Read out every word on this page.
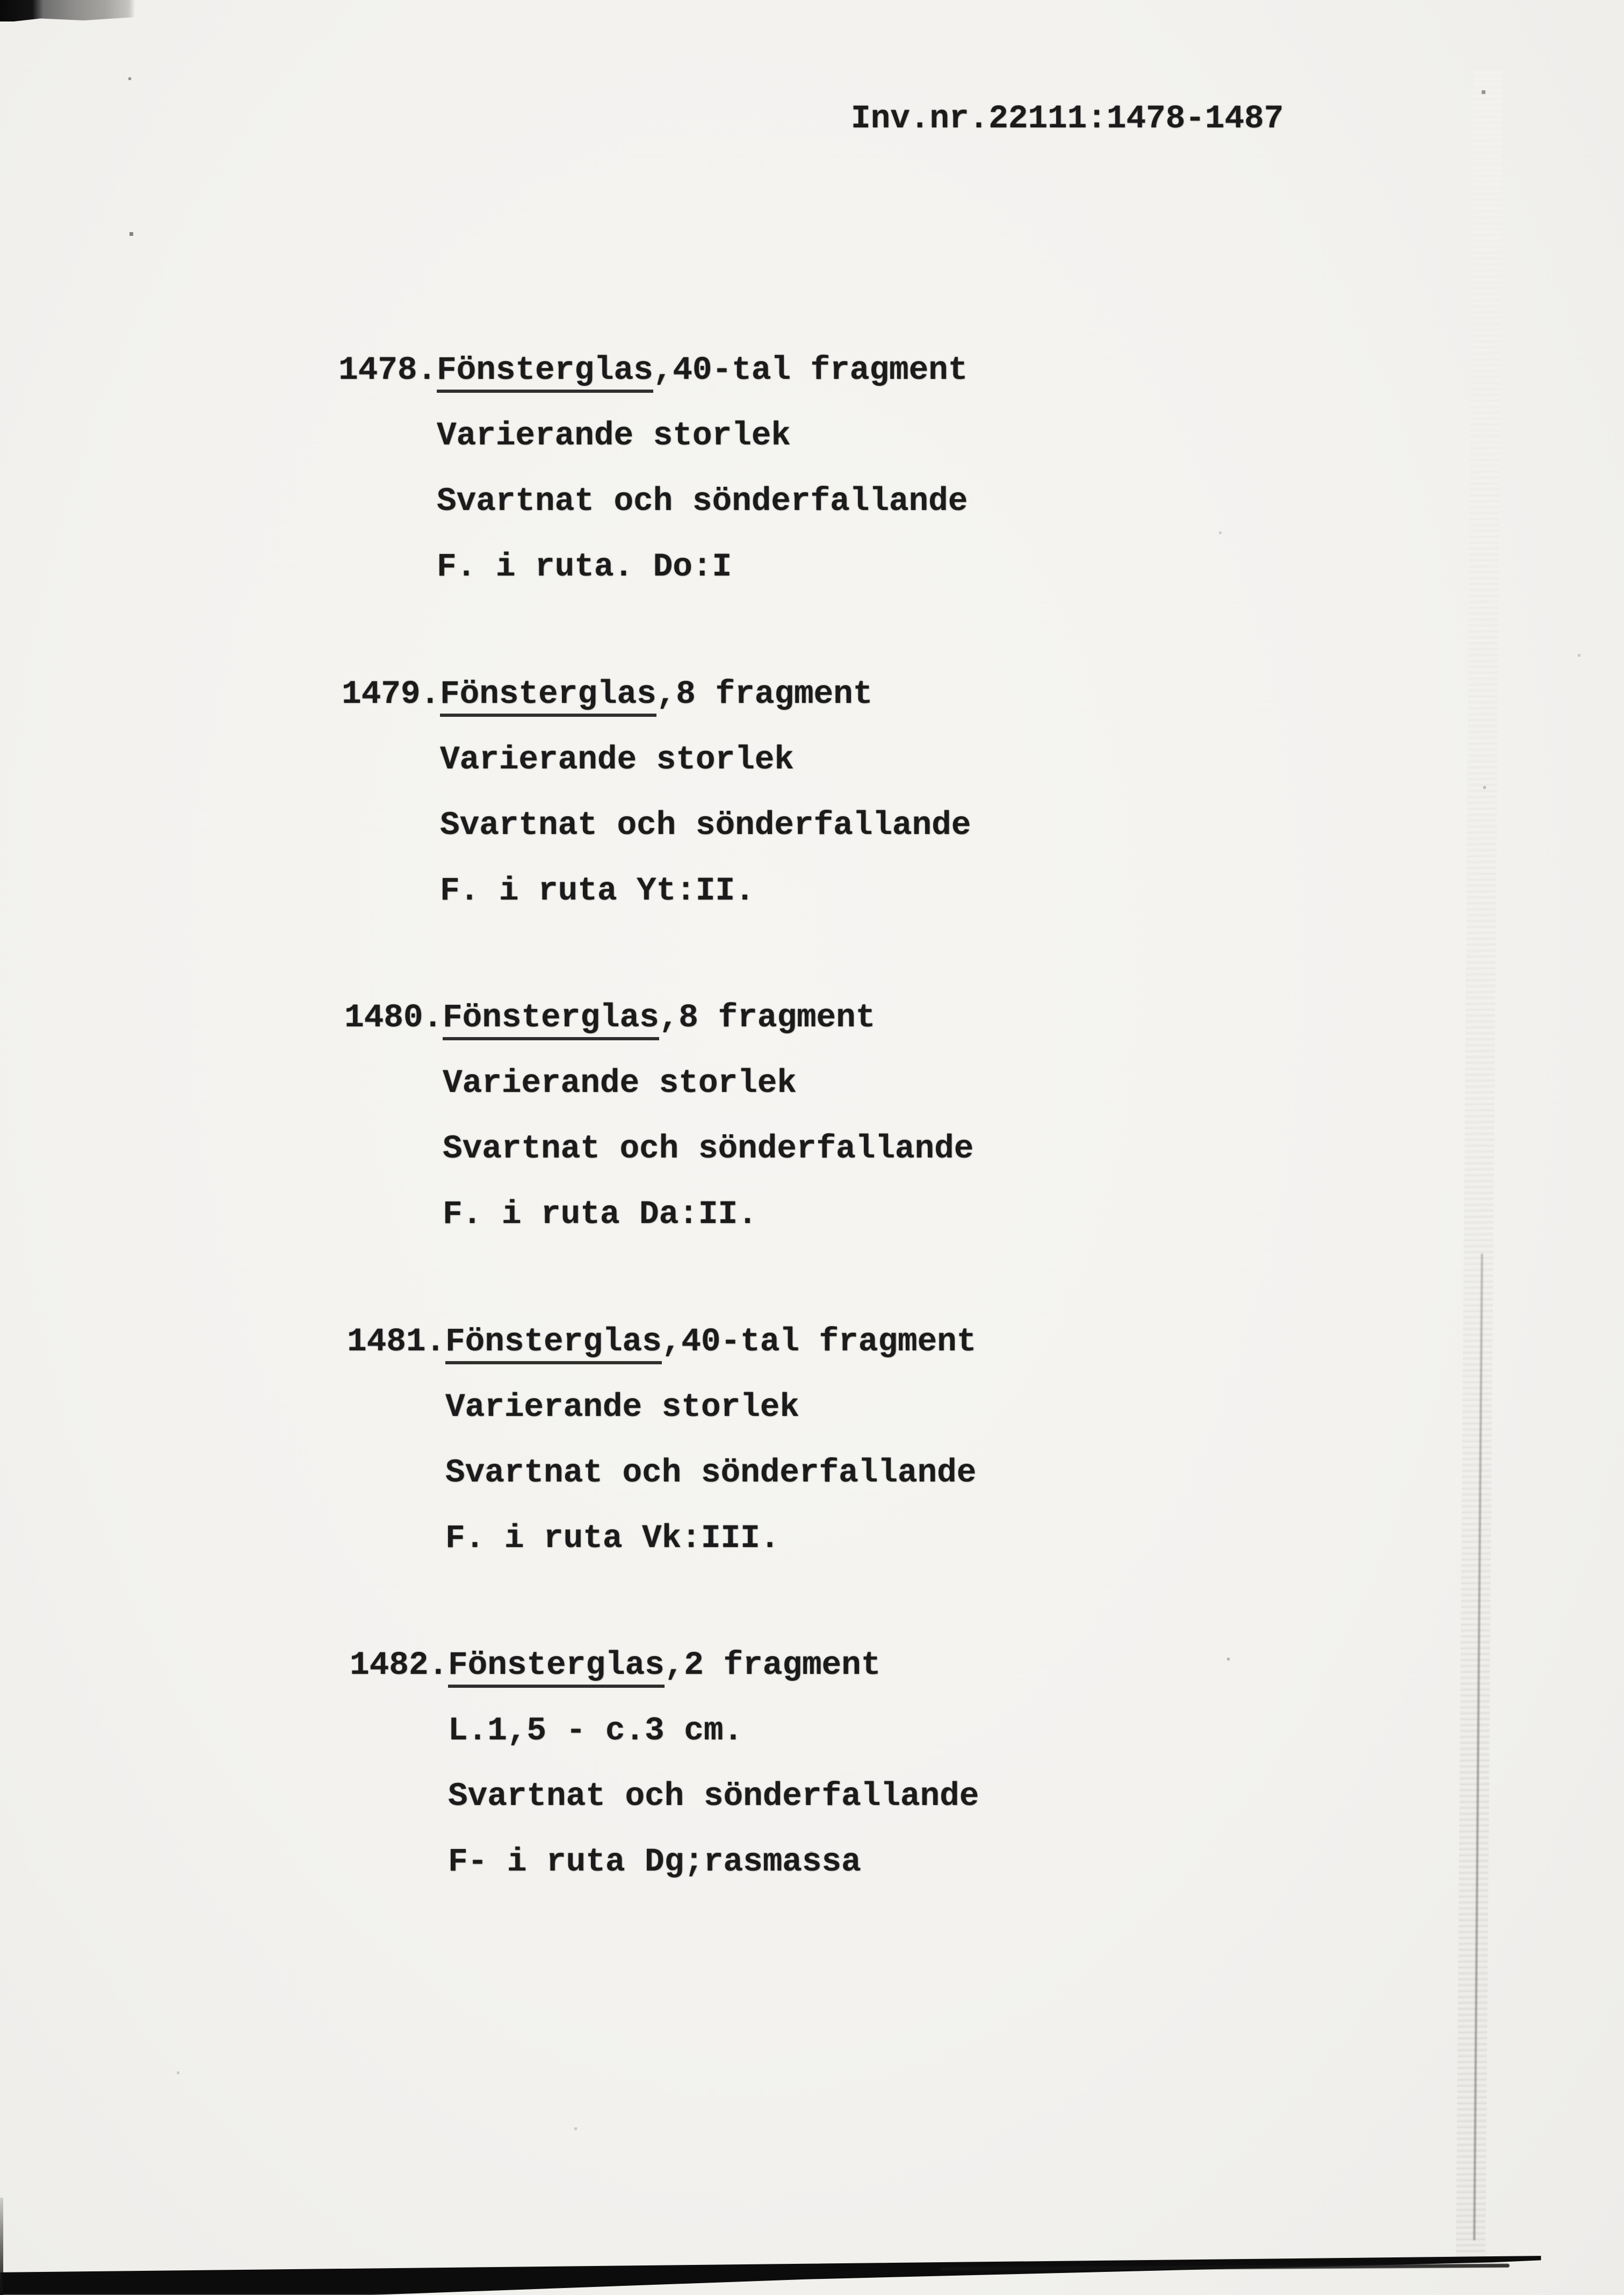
Inv.nr.22111:1478-1487
1478.Fönsterglas,40-tal fragment
Varierande storlek
Svartnat och sönderfallande
F. i ruta. Do:I
1479.Fönsterglas,8 fragment
Varierande storlek
Svartnat och sönderfallande
F. i ruta Yt:II.
1480.Fönsterglas,8 fragment
Varierande storlek
Svartnat och sönderfallande
F. i ruta Da:II.
1481.Fönsterglas,40-tal fragment
Varierande storlek
Svartnat och sönderfallande
F. i ruta Vk:III.
1482.Fönsterglas,2 fragment
L.1,5 - c.3 cm.
Svartnat och sönderfallande
F- i ruta Dg;rasmassa
